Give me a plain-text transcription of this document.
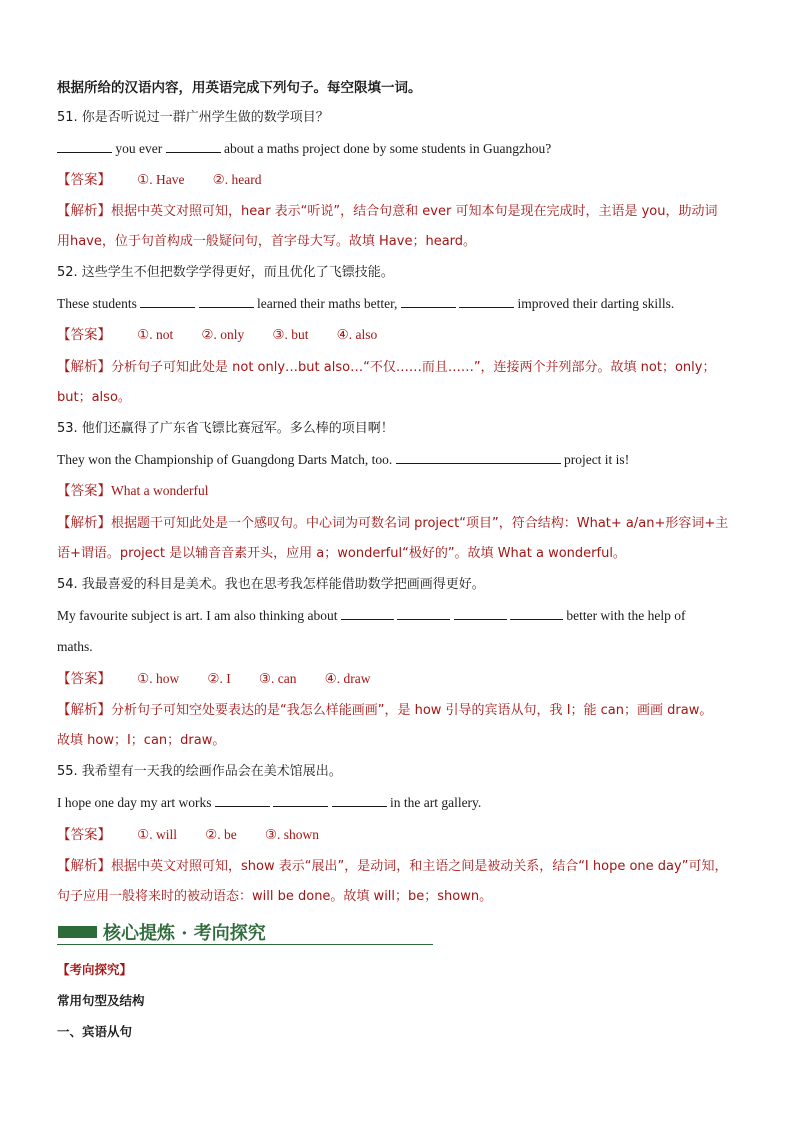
根据所给的汉语内容，用英语完成下列句子。每空限填一词。
51. 你是否听说过一群广州学生做的数学项目？
you ever	about a maths project done by some students in Guangzhou?
【答案】 ①. Have ②. heard
【解析】根据中英文对照可知，hear 表示“听说”，结合句意和 ever 可知本句是现在完成时，主语是 you，助动词
用have，位于句首构成一般疑问句，首字母大写。故填 Have；heard。
52. 这些学生不但把数学学得更好，而且优化了飞镖技能。
These students	learned their maths better,	improved their darting skills.
【答案】 ①. not ②. only ③. but ④. also
【解析】分析句子可知此处是 not only…but also…“不仅……而且……”，连接两个并列部分。故填 not；only；
but；also。
53. 他们还赢得了广东省飞镖比赛冠军。多么棒的项目啊！
They won the Championship of Guangdong Darts Match, too.	project it is!
【答案】What a wonderful
【解析】根据题干可知此处是一个感叹句。中心词为可数名词 project“项目”，符合结构：What+ a/an+形容词+主
语+谓语。project 是以辅音音素开头，应用 a；wonderful“极好的”。故填 What a wonderful。
54. 我最喜爱的科目是美术。我也在思考我怎样能借助数学把画画得更好。
My favourite subject is art. I am also thinking about	better with the help of
maths.
【答案】 ①. how ②. I ③. can ④. draw
【解析】分析句子可知空处要表达的是“我怎么样能画画”，是 how 引导的宾语从句，我 I；能 can；画画 draw。
故填 how；I；can；draw。
55. 我希望有一天我的绘画作品会在美术馆展出。
I hope one day my art works	in the art gallery.
【答案】 ①. will ②. be ③. shown
【解析】根据中英文对照可知，show 表示“展出”，是动词，和主语之间是被动关系，结合“I hope one day”可知，
句子应用一般将来时的被动语态：will be done。故填 will；be；shown。
核心提炼 · 考向探究
【考向探究】
常用句型及结构
一、宾语从句
